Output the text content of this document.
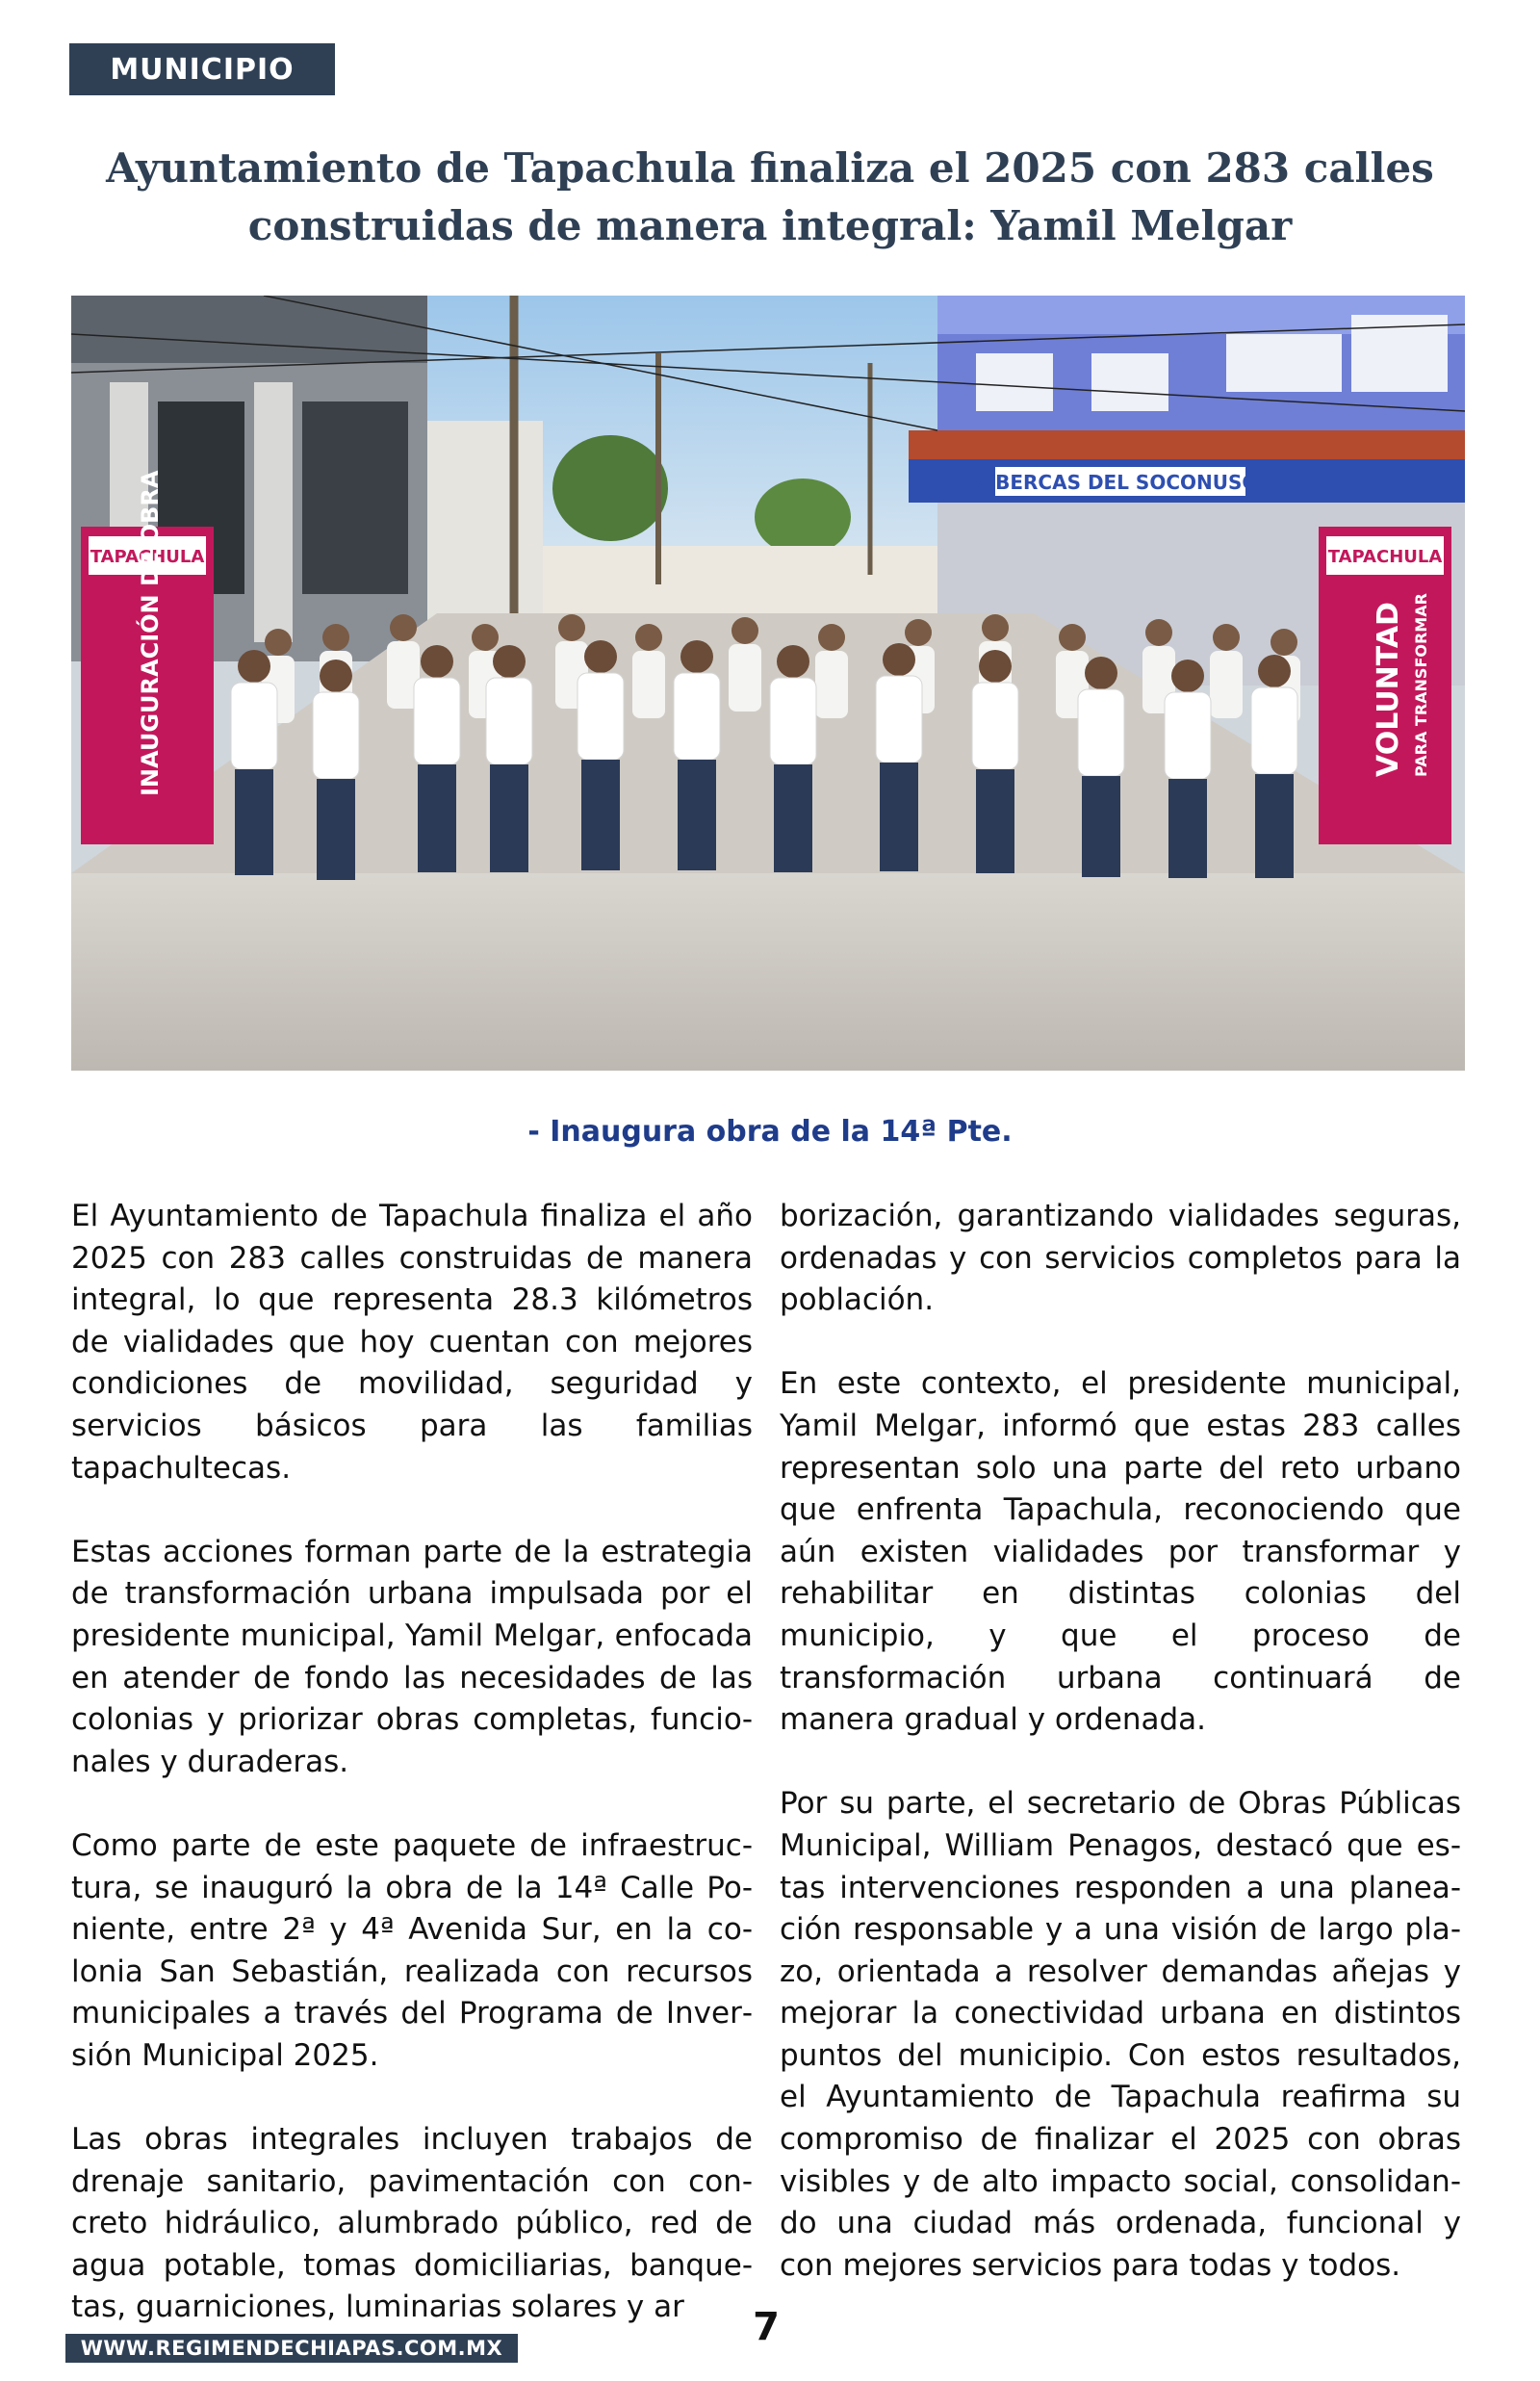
MUNICIPIO
Ayuntamiento de Tapachula finaliza el 2025 con 283 calles
construidas de manera integral: Yamil Melgar
ALBERCAS DEL SOCONUSCO
TAPACHULA
INAUGURACIÓN DE OBRA	TAPACHULA
VOLUNTAD PARA TRANSFORMAR
- Inaugura obra de la 14ª Pte.

El Ayuntamiento de Tapachula finaliza el año 2025 con 283 calles construidas de manera integral, lo que representa 28.3 kilómetros de vialidades que hoy cuentan con mejores condiciones de movilidad, seguridad y servicios básicos para las familias tapachultecas.

Estas acciones forman parte de la estrategia de transformación urbana impulsada por el presidente municipal, Yamil Melgar, enfocada en atender de fondo las necesidades de las colonias y priorizar obras completas, funcionales y duraderas.

Como parte de este paquete de infraestructura, se inauguró la obra de la 14ª Calle Poniente, entre 2ª y 4ª Avenida Sur, en la colonia San Sebastián, realizada con recursos municipales a través del Programa de Inversión Municipal 2025.

Las obras integrales incluyen trabajos de drenaje sanitario, pavimentación con concreto hidráulico, alumbrado público, red de agua potable, tomas domiciliarias, banquetas, guarniciones, luminarias solares y ar

borización, garantizando vialidades seguras, ordenadas y con servicios completos para la población.

En este contexto, el presidente municipal, Yamil Melgar, informó que estas 283 calles representan solo una parte del reto urbano que enfrenta Tapachula, reconociendo que aún existen vialidades por transformar y rehabilitar en distintas colonias del municipio, y que el proceso de transformación urbana continuará de manera gradual y ordenada.

Por su parte, el secretario de Obras Públicas Municipal, William Penagos, destacó que estas intervenciones responden a una planeación responsable y a una visión de largo plazo, orientada a resolver demandas añejas y mejorar la conectividad urbana en distintos puntos del municipio. Con estos resultados, el Ayuntamiento de Tapachula reafirma su compromiso de finalizar el 2025 con obras visibles y de alto impacto social, consolidando una ciudad más ordenada, funcional y con mejores servicios para todas y todos.

WWW.REGIMENDECHIAPAS.COM.MX	7
